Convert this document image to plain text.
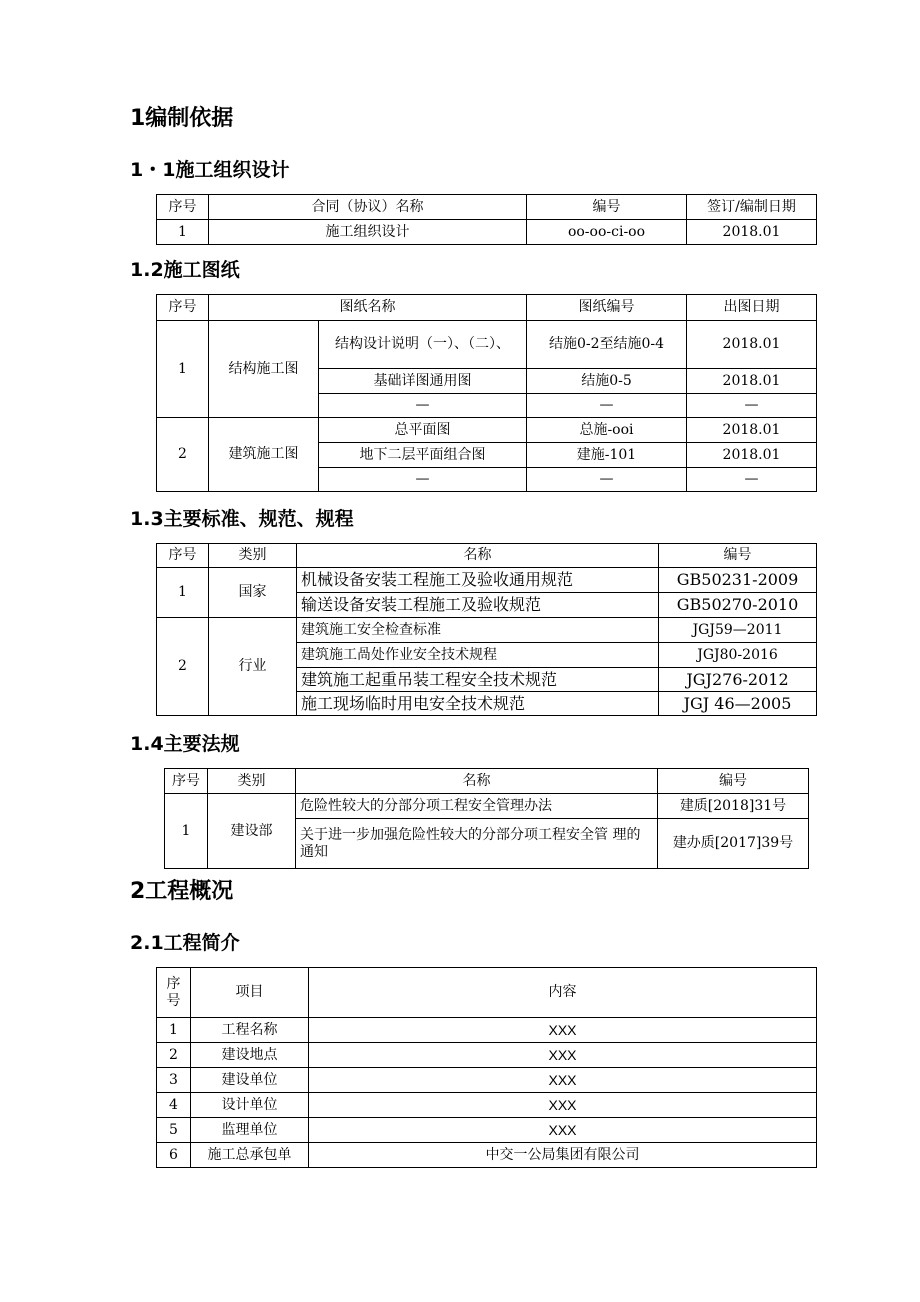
1编制依据
1・1施工组织设计
序号	合同（协议）名称	编号	签订/编制日期
1	施工组织设计	oo-oo-ci-oo	2018.01
1.2施工图纸
序号	图纸名称		图纸编号	出图日期
1	结构施工图	结构设计说明（一）、（二）、	结施0-2至结施0-4	2018.01
		基础详图通用图	结施0-5	2018.01
		—	—	—
2	建筑施工图	总平面图	总施-ooi	2018.01
		地下二层平面组合图	建施-101	2018.01
		—	—	—
1.3主要标准、规范、规程
序号	类别	名称	编号
1	国家	机械设备安装工程施工及验收通用规范	GB50231-2009
		输送设备安装工程施工及验收规范	GB50270-2010
2	行业	建筑施工安全检查标准	JGJ59—2011
		建筑施工咼处作业安全技术规程	JGJ80-2016
		建筑施工起重吊装工程安全技术规范	JGJ276-2012
		施工现场临时用电安全技术规范	JGJ 46—2005
1.4主要法规
序号	类别	名称	编号
1	建设部	危险性较大的分部分项工程安全管理办法	建质[2018]31号
		关于进一步加强危险性较大的分部分项工程安全管 理的通知	建办质[2017]39号
2工程概况
2.1工程简介
序号	项目	内容
1	工程名称	XXX
2	建设地点	XXX
3	建设单位	XXX
4	设计单位	XXX
5	监理单位	XXX
6	施工总承包单	中交一公局集团有限公司
